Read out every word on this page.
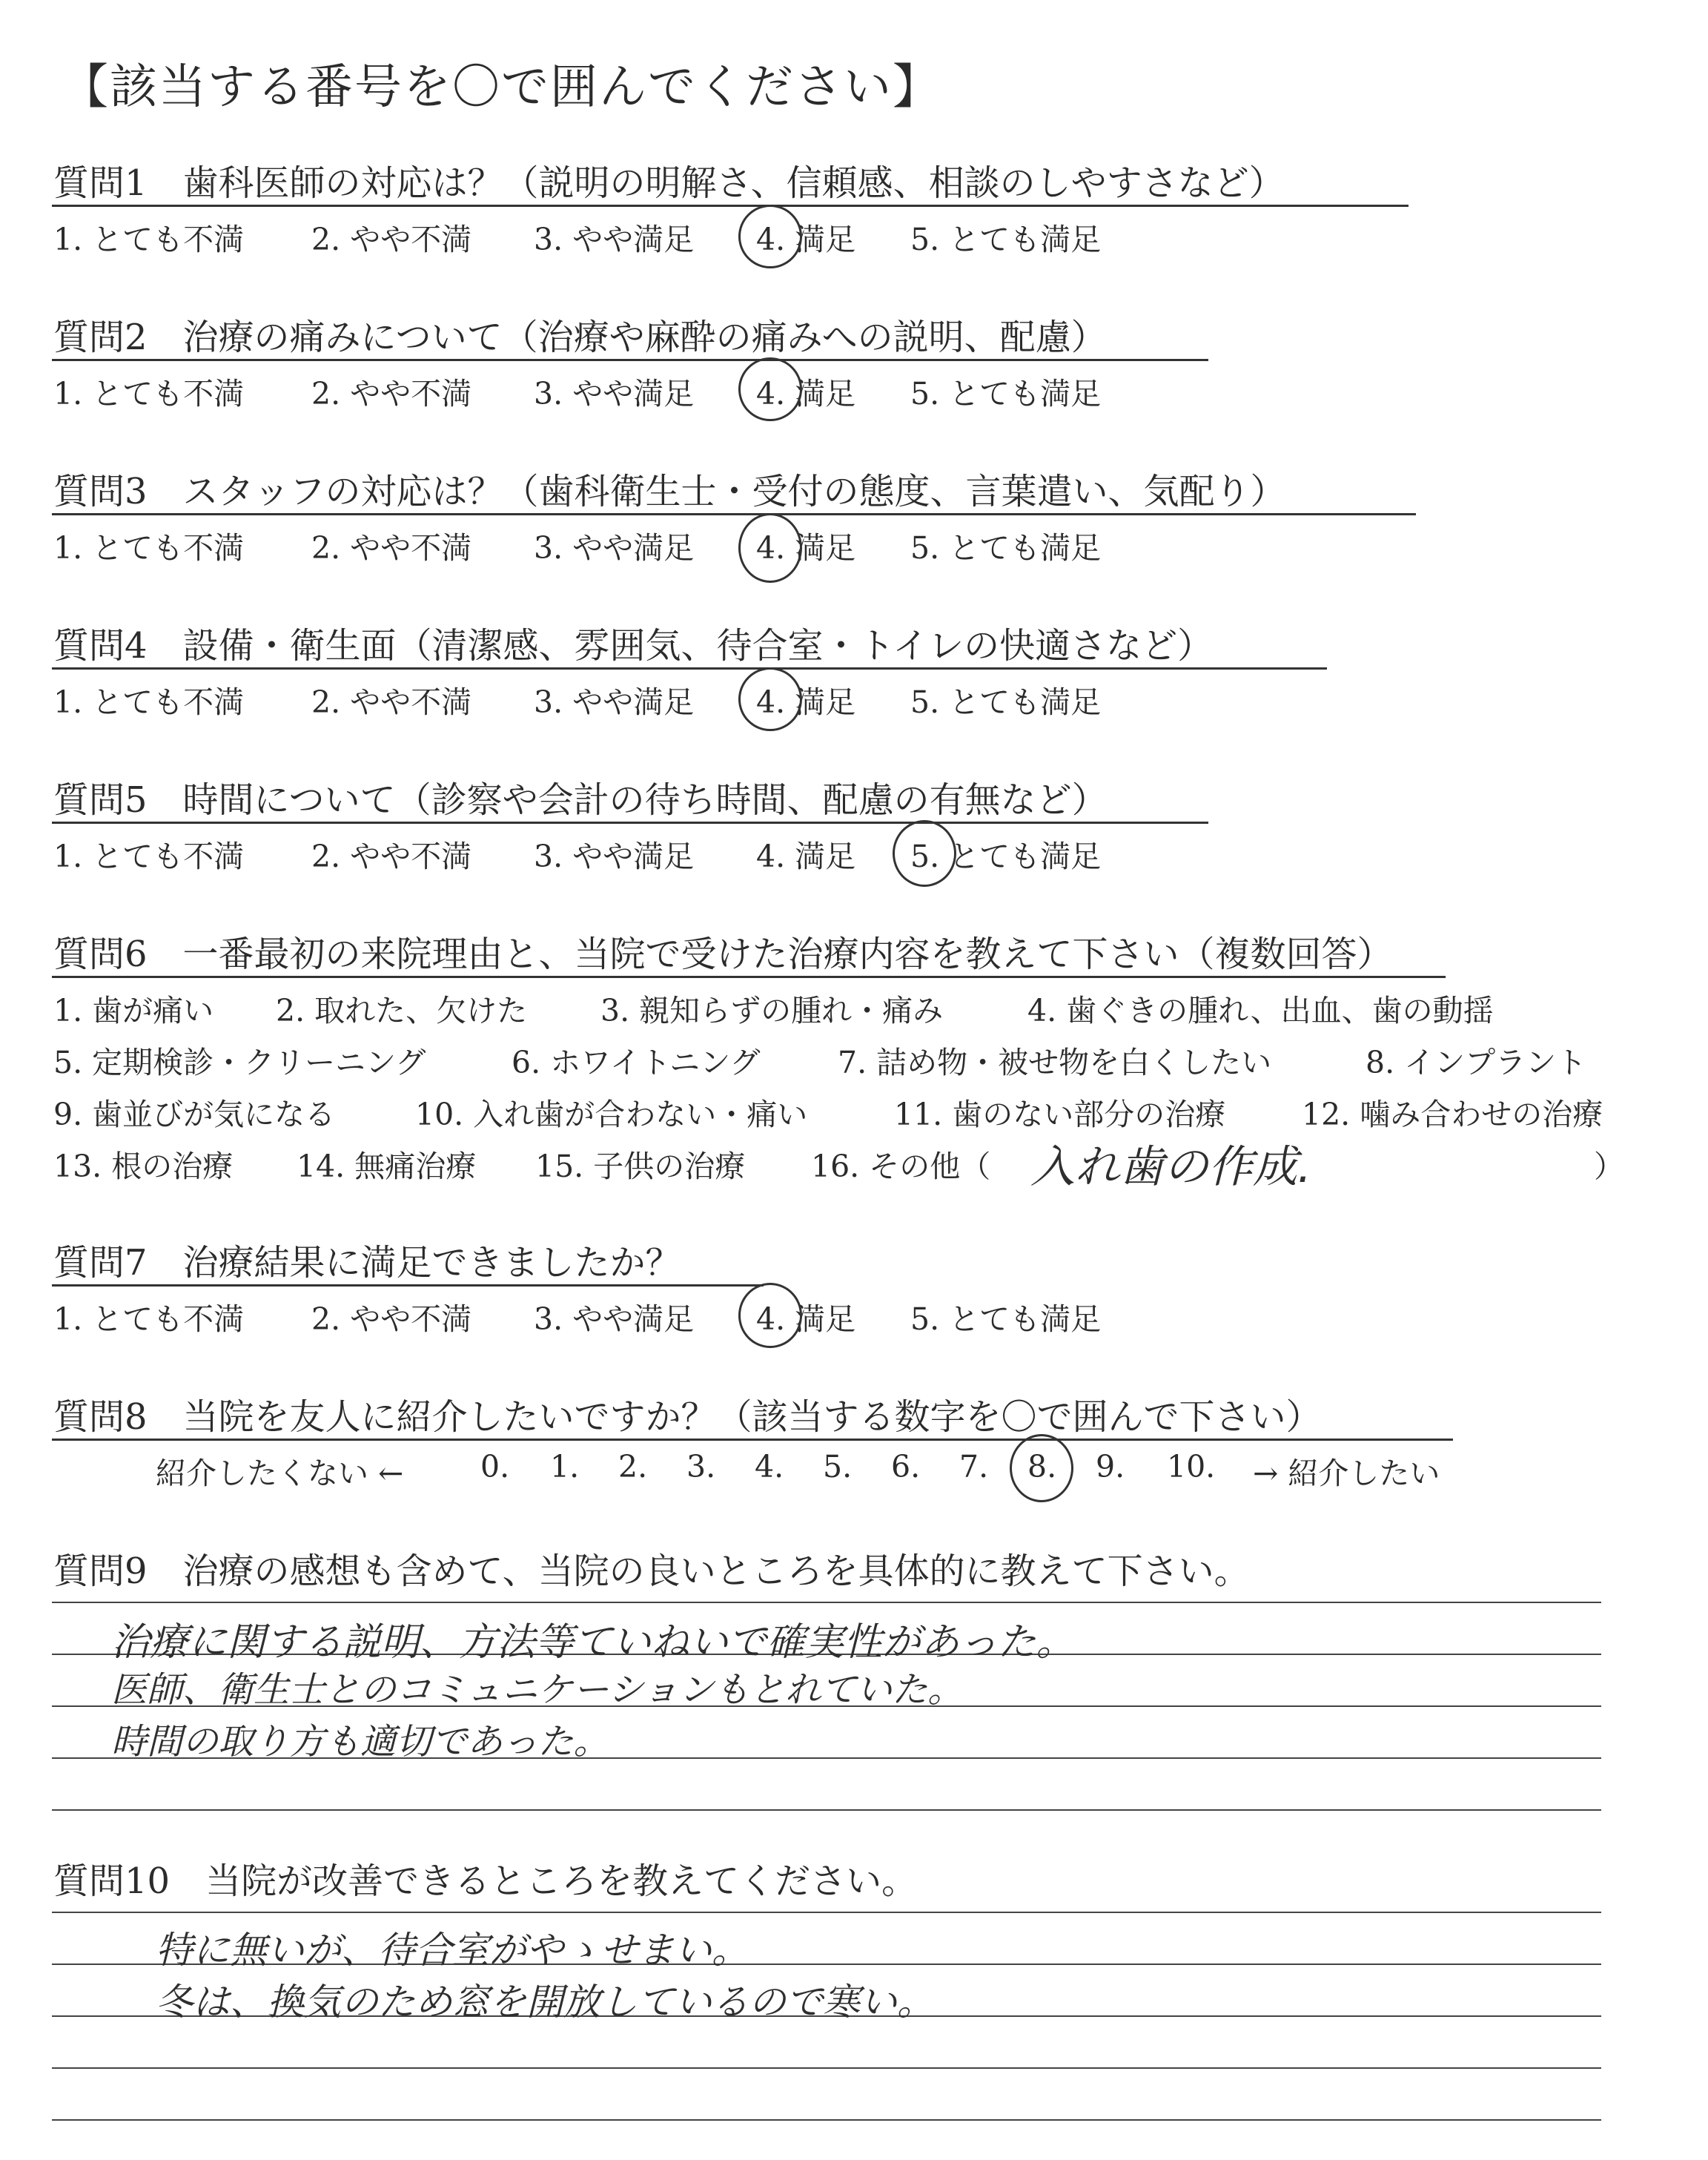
【該当する番号を〇で囲んでください】
質問1　歯科医師の対応は？（説明の明解さ、信頼感、相談のしやすさなど）
1. とても不満 2. やや不満 3. やや満足 4. 満足 5. とても満足
質問2　治療の痛みについて（治療や麻酔の痛みへの説明、配慮）
1. とても不満 2. やや不満 3. やや満足 4. 満足 5. とても満足
質問3　スタッフの対応は？（歯科衛生士・受付の態度、言葉遣い、気配り）
1. とても不満 2. やや不満 3. やや満足 4. 満足 5. とても満足
質問4　設備・衛生面（清潔感、雰囲気、待合室・トイレの快適さなど）
1. とても不満 2. やや不満 3. やや満足 4. 満足 5. とても満足
質問5　時間について（診察や会計の待ち時間、配慮の有無など）
1. とても不満 2. やや不満 3. やや満足 4. 満足 5. とても満足
質問6　一番最初の来院理由と、当院で受けた治療内容を教えて下さい（複数回答）
1. 歯が痛い 2. 取れた、欠けた 3. 親知らずの腫れ・痛み	4. 歯ぐきの腫れ、出血、歯の動揺
5. 定期検診・クリーニング	6. ホワイトニング	7. 詰め物・被せ物を白くしたい	8. インプラント
9. 歯並びが気になる	10. 入れ歯が合わない・痛い	11. 歯のない部分の治療	12. 噛み合わせの治療
13. 根の治療 14. 無痛治療 15. 子供の治療 16. その他（	）
入れ歯の作成.
質問7　治療結果に満足できましたか？
1. とても不満 2. やや不満 3. やや満足 4. 満足 5. とても満足
質問8　当院を友人に紹介したいですか？（該当する数字を〇で囲んで下さい）
紹介したくない ←	0. 1. 2. 3. 4. 5. 6. 7. 8. 9. 10. → 紹介したい
質問9　治療の感想も含めて、当院の良いところを具体的に教えて下さい。
治療に関する説明、方法等ていねいで確実性があった。
医師、衛生士とのコミュニケーションもとれていた。
時間の取り方も適切であった。
質問10　当院が改善できるところを教えてください。
特に無いが、待合室がやゝせまい。
冬は、換気のため窓を開放しているので寒い。
